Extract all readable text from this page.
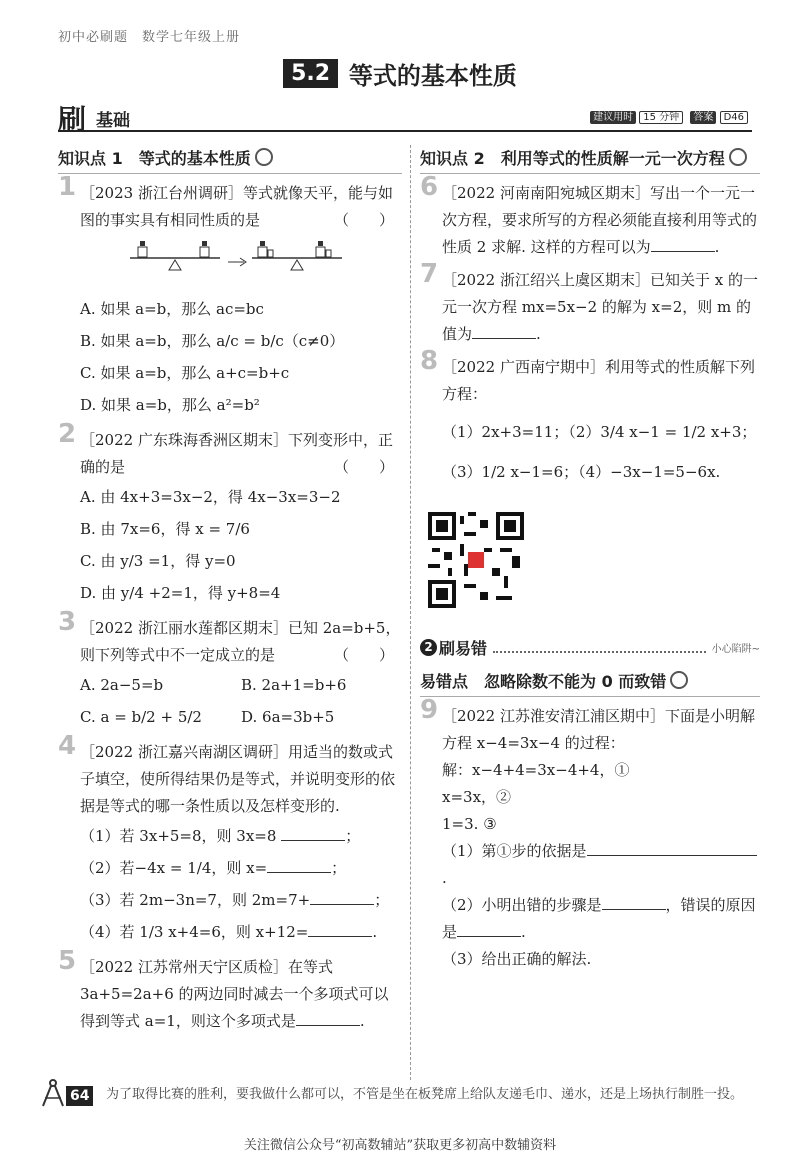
初中必刷题　数学七年级上册
5.2 等式的基本性质
刷 基础	建议用时 15 分钟 答案 D46
知识点 1　等式的基本性质
1 ［2023 浙江台州调研］等式就像天平，能与如图的事实具有相同性质的是	（　　）
A. 如果 a=b，那么 ac=bc
B. 如果 a=b，那么 a/c = b/c（c≠0）
C. 如果 a=b，那么 a+c=b+c
D. 如果 a=b，那么 a²=b²
2 ［2022 广东珠海香洲区期末］下列变形中，正确的是	（　　）
A. 由 4x+3=3x−2，得 4x−3x=3−2
B. 由 7x=6，得 x = 7/6
C. 由 y/3 =1，得 y=0
D. 由 y/4 +2=1，得 y+8=4
3 ［2022 浙江丽水莲都区期末］已知 2a=b+5，则下列等式中不一定成立的是	（　　）
A. 2a−5=b	B. 2a+1=b+6
C. a = b/2 + 5/2	D. 6a=3b+5
4 ［2022 浙江嘉兴南湖区调研］用适当的数或式子填空，使所得结果仍是等式，并说明变形的依据是等式的哪一条性质以及怎样变形的.
（1）若 3x+5=8，则 3x=8	；
（2）若−4x = 1/4，则 x=	；
（3）若 2m−3n=7，则 2m=7+	；
（4）若 1/3 x+4=6，则 x+12=	.
5 ［2022 江苏常州天宁区质检］在等式 3a+5=2a+6 的两边同时减去一个多项式可以得到等式 a=1，则这个多项式是	.
知识点 2　利用等式的性质解一元一次方程
6 ［2022 河南南阳宛城区期末］写出一个一元一次方程，要求所写的方程必须能直接利用等式的性质 2 求解. 这样的方程可以为	.
7 ［2022 浙江绍兴上虞区期末］已知关于 x 的一元一次方程 mx=5x−2 的解为 x=2，则 m 的值为	.
8 ［2022 广西南宁期中］利用等式的性质解下列方程：
（1）2x+3=11；（2）3/4 x−1 = 1/2 x+3；
（3）1/2 x−1=6；（4）−3x−1=5−6x.
2 刷易错	小心陷阱~
易错点　忽略除数不能为 0 而致错
9 ［2022 江苏淮安清江浦区期中］下面是小明解方程 x−4=3x−4 的过程：
解：x−4+4=3x−4+4，①
x=3x，②
1=3. ③
（1）第①步的依据是.
（2）小明出错的步骤是	，错误的原因是	.
（3）给出正确的解法.
64	为了取得比赛的胜利，要我做什么都可以，不管是坐在板凳席上给队友递毛巾、递水，还是上场执行制胜一投。
关注微信公众号“初高数辅站”获取更多初高中数辅资料
